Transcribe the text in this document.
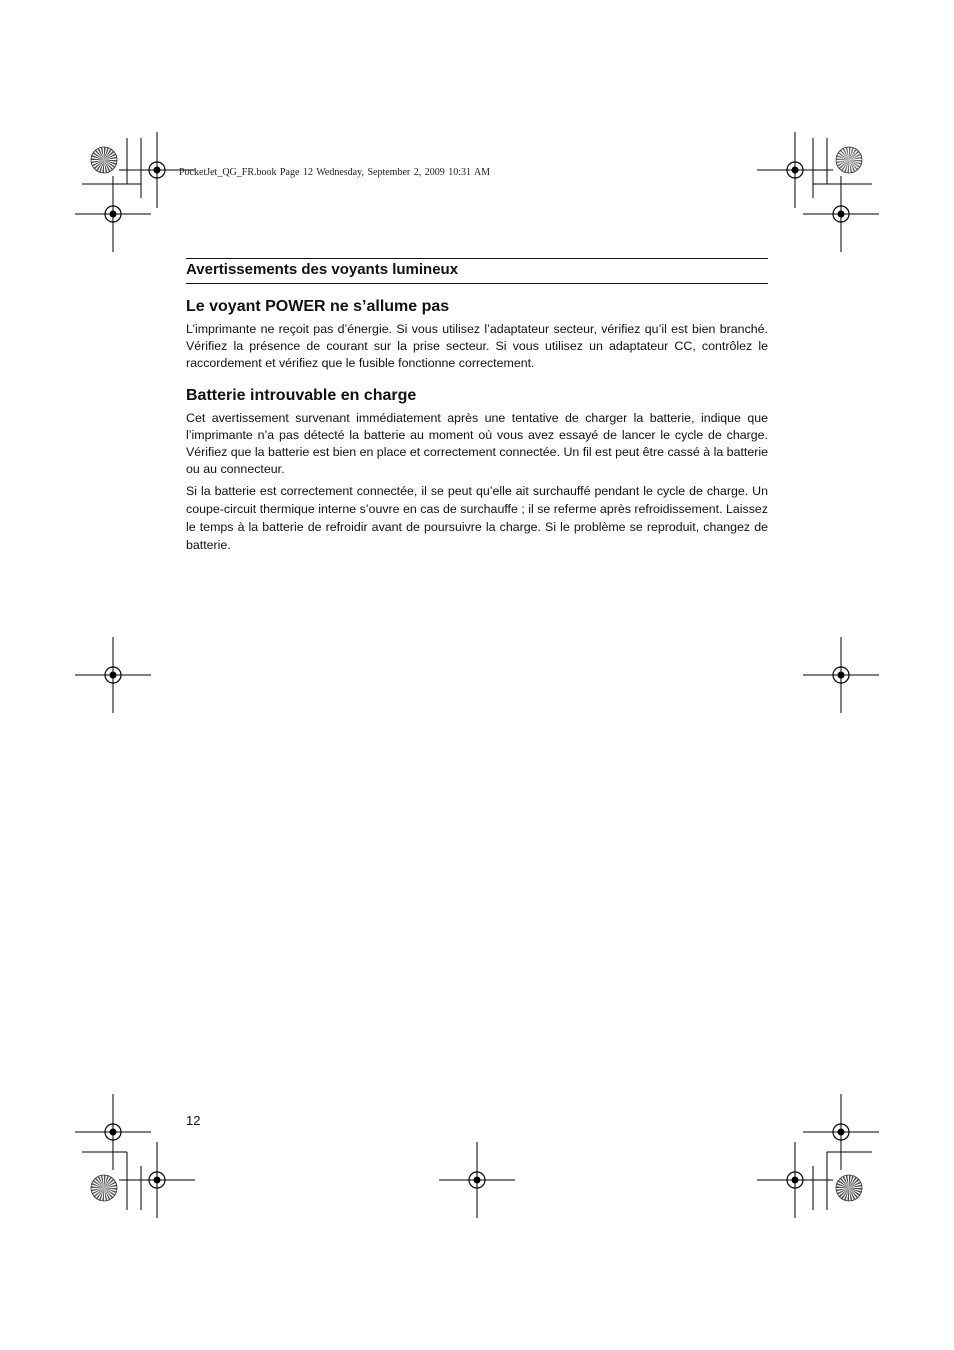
PocketJet_QG_FR.book Page 12 Wednesday, September 2, 2009 10:31 AM
Avertissements des voyants lumineux
Le voyant POWER ne s’allume pas

L’imprimante ne reçoit pas d’énergie. Si vous utilisez l’adaptateur secteur, vérifiez qu’il est bien branché. Vérifiez la présence de courant sur la prise secteur. Si vous utilisez un adaptateur CC, contrôlez le raccordement et vérifiez que le fusible fonctionne correctement.

Batterie introuvable en charge

Cet avertissement survenant immédiatement après une tentative de charger la batterie, indique que l’imprimante n’a pas détecté la batterie au moment où vous avez essayé de lancer le cycle de charge. Vérifiez que la batterie est bien en place et correctement connectée. Un fil est peut être cassé à la batterie ou au connecteur.

Si la batterie est correctement connectée, il se peut qu’elle ait surchauffé pendant le cycle de charge. Un coupe-circuit thermique interne s’ouvre en cas de surchauffe ; il se referme après refroidissement. Laissez le temps à la batterie de refroidir avant de poursuivre la charge. Si le problème se reproduit, changez de batterie.

12
